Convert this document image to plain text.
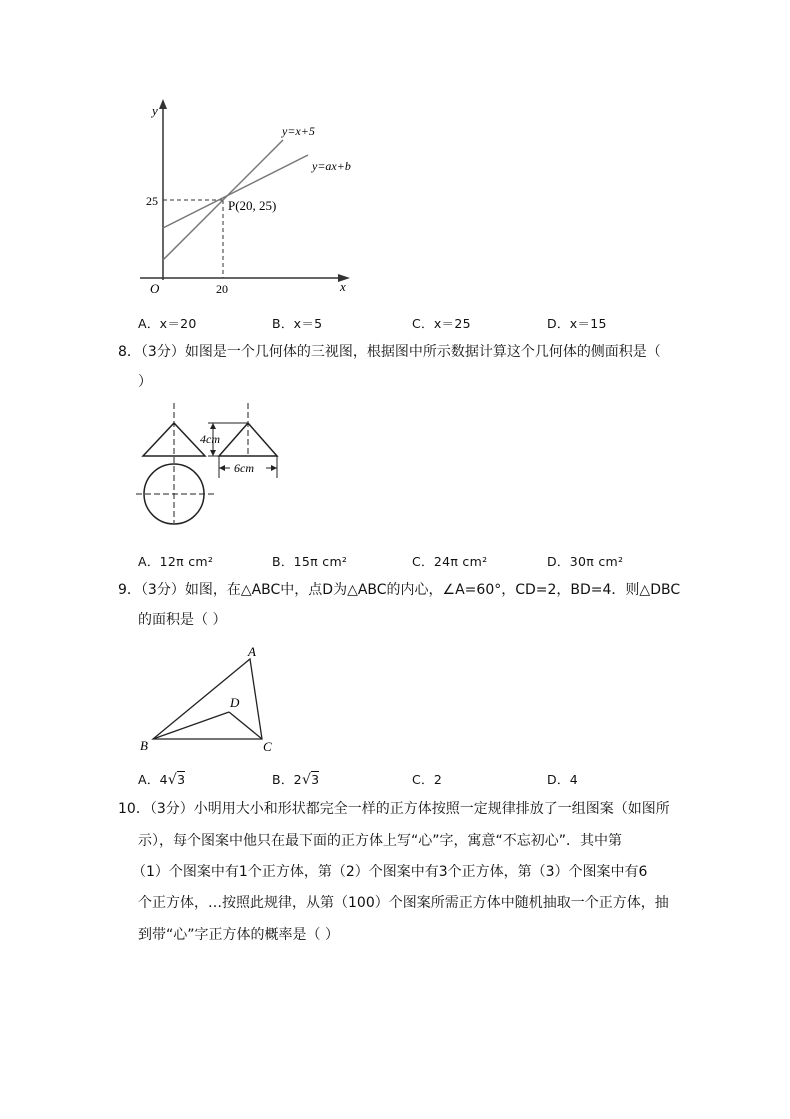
y
x
O
25
20
y=x+5
y=ax+b
P(20, 25)
A．x＝20	B．x＝5	C．x＝25	D．x＝15
8．（3分）如图是一个几何体的三视图，根据图中所示数据计算这个几何体的侧面积是（
）
4cm
6cm
A．12π cm²	B．15π cm²	C．24π cm²	D．30π cm²
9．（3分）如图，在△ABC中，点D为△ABC的内心，∠A=60°，CD=2，BD=4．则△DBC
的面积是（ ）
A
B	C
D
A．4√3	B．2√3	C．2	D．4
10．（3分）小明用大小和形状都完全一样的正方体按照一定规律排放了一组图案（如图所
示），每个图案中他只在最下面的正方体上写“心”字，寓意“不忘初心”．其中第
（1）个图案中有1个正方体，第（2）个图案中有3个正方体，第（3）个图案中有6
个正方体，…按照此规律，从第（100）个图案所需正方体中随机抽取一个正方体，抽
到带“心”字正方体的概率是（ ）
